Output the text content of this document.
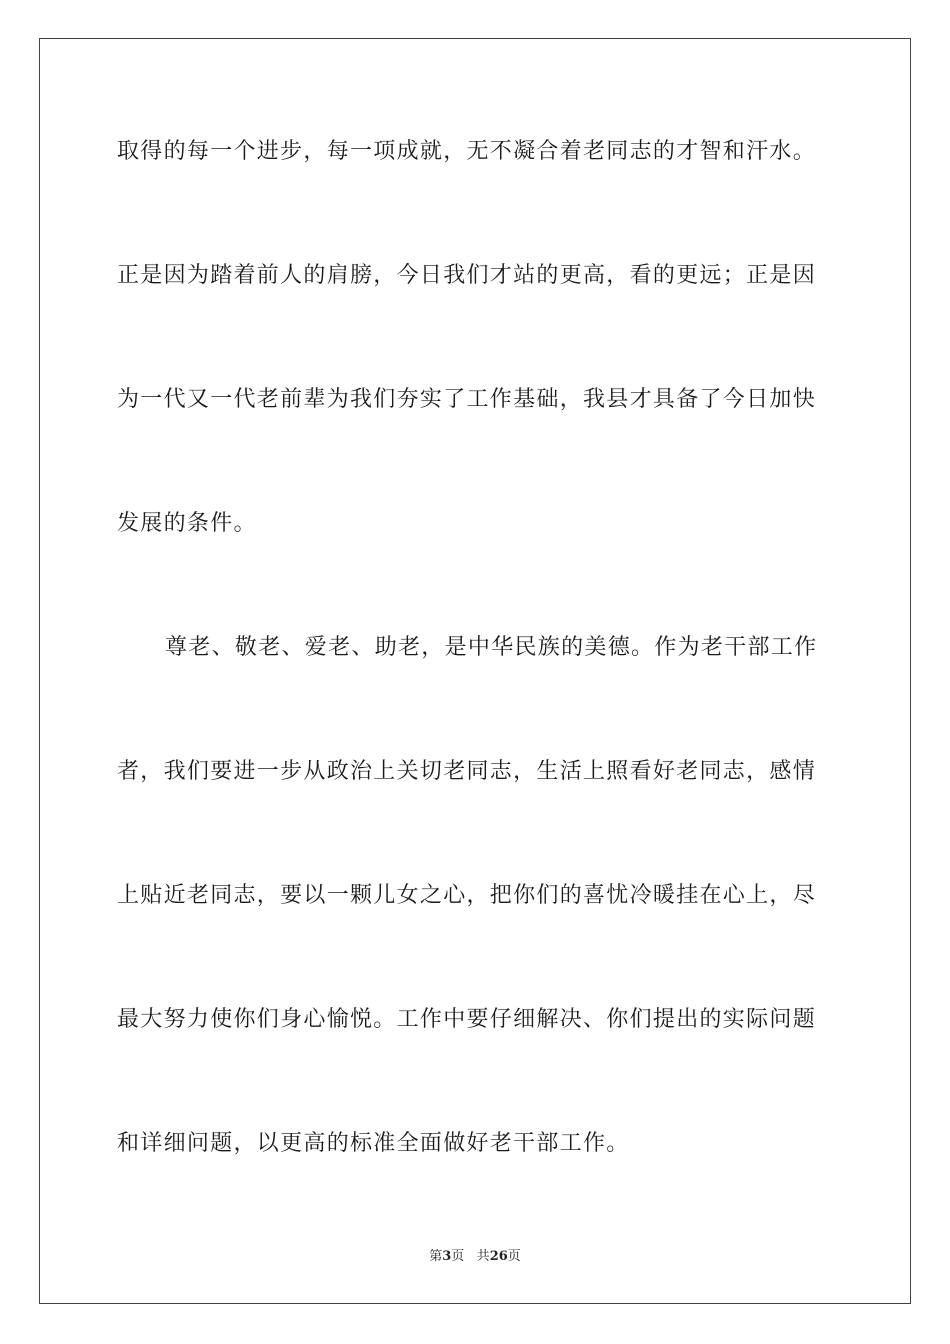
取得的每一个进步，每一项成就，无不凝合着老同志的才智和汗水。
正是因为踏着前人的肩膀，今日我们才站的更高，看的更远；正是因
为一代又一代老前辈为我们夯实了工作基础，我县才具备了今日加快
发展的条件。
尊老、敬老、爱老、助老，是中华民族的美德。作为老干部工作
者，我们要进一步从政治上关切老同志，生活上照看好老同志，感情
上贴近老同志，要以一颗儿女之心，把你们的喜忧冷暖挂在心上，尽
最大努力使你们身心愉悦。工作中要仔细解决、你们提出的实际问题
和详细问题，以更高的标准全面做好老干部工作。
第3页 共26页
